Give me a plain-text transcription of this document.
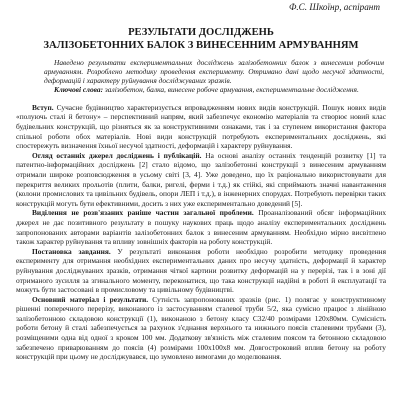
Ф.С. Шкоїнр, аспірант
РЕЗУЛЬТАТИ ДОСЛІДЖЕНЬ
ЗАЛІЗОБЕТОННИХ БАЛОК З ВИНЕСЕННИМ АРМУВАННЯМ

Наведено результати експериментальних досліджень залізобетонних балок з винесеним робочим армуванням. Розроблено методику проведення експерименту. Отримано дані щодо несучої здатності, деформацій і характеру руйнування досліджуваних зразків.

Ключові слова: залізобетон, балка, винесене робоче армування, експериментальне дослідження.

Вступ. Сучасне будівництво характеризується впровадженням нових видів конструкцій. Пошук нових видів «полуючь сталі й бетону» – перспективний напрям, який забезпечує економію матеріалів та створює новий клас будівельних конструкцій, що різняться як за конструктивними ознаками, так і за ступенем використання фактора спільної роботи обох матеріалів. Нові види конструкцій потребують експериментальних досліджень, які спостережуть визначення їхньої несучої здатності, деформацій і характеру руйнування.

Огляд останніх джерел досліджень і публікацій. На основі аналізу останніх тенденцій розвитку [1] та патентно-інформаційних досліджень [2] стало відомо, що залізобетонні конструкції з винесеним армуванням отримали широке розповсюдження в усьому світі [3, 4]. Уже доведено, що їх раціонально використовувати для перекриття великих прольотів (плити, балки, ригелі, ферми і т.д.) як стійкі, які сприймають значні навантаження (колони промислових та цивільних будівель, опори ЛЕП і т.д.), в інженерних спорудах. Потребують перевірки таких конструкцій могуть бути ефективними, досить з них уже експериментально доведений [5].

Виділення не розв'язаних раніше частин загальної проблеми. Проаналізований обсяг інформаційних джерел не дає позитивного результату в пошуку наукових праць щодо аналізу експериментальних досліджень запропонованих авторами варіантів залізобетонних балок з винесеним армуванням. Необхідно мірно висвітлено також характер руйнування та впливу зовнішніх факторів на роботу конструкцій.

Постановка завдання. У результаті виконання роботи необхідно розробити методику проведення експерименту для отримання необхідних експериментальних даних про несучу здатність, деформації й характер руйнування досліджуваних зразків, отримання чіткої картини розвитку деформацій на у перерізі, так і в зоні дії отриманого зусилля за згинального моменту, переконатися, що така конструкції надійні в роботі й експлуатації та можуть бути застосовані в промисловому та цивільному будівництві.

Основний матеріал і результати. Сутність запропонованих зразків (рис. 1) полягає у конструктивному рішенні поперечного перерізу, виконаного із застосуванням сталевої труби 5/2, яка сумісно працює з лінійною залізобетонною складовою конструкції (1), виконаною з бетону класу С32/40 розмірами 120х80мм. Сумісність роботи бетону й сталі забезпечується за рахунок з'єднання верхнього та нижнього поясів сталевими трубами (3), розміщеними одна від одної з кроком 100 мм. Додаткову зв'язність між сталевим поясом та бетонною складовою забезпечено приварюванням до поясів (4) розмірами 100х100х8 мм. Довгостроковий вплив бетону на роботу конструкцій при цьому не досліджувався, що зумовлено вимогами до моделювання.
